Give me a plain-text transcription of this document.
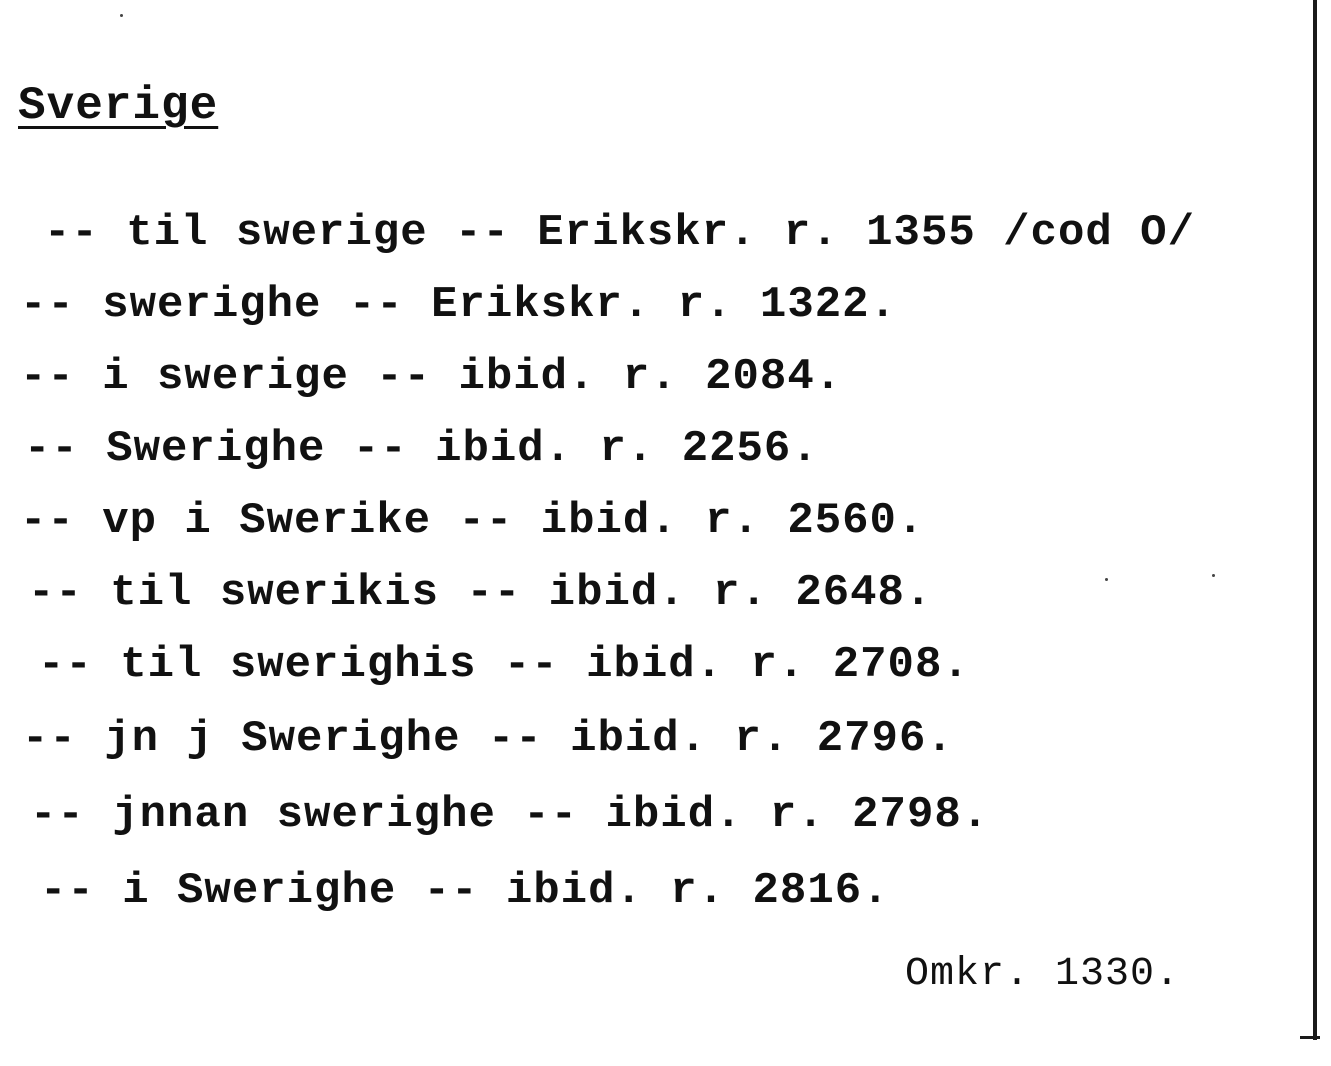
Sverige
-- til swerige -- Erikskr. r. 1355 /cod O/
-- swerighe -- Erikskr. r. 1322.
-- i swerige -- ibid. r. 2084.
-- Swerighe -- ibid. r. 2256.
-- vp i Swerike -- ibid. r. 2560.
-- til swerikis -- ibid. r. 2648.
-- til swerighis -- ibid. r. 2708.
-- jn j Swerighe -- ibid. r. 2796.
-- jnnan swerighe -- ibid. r. 2798.
-- i Swerighe -- ibid. r. 2816.
Omkr. 1330.
